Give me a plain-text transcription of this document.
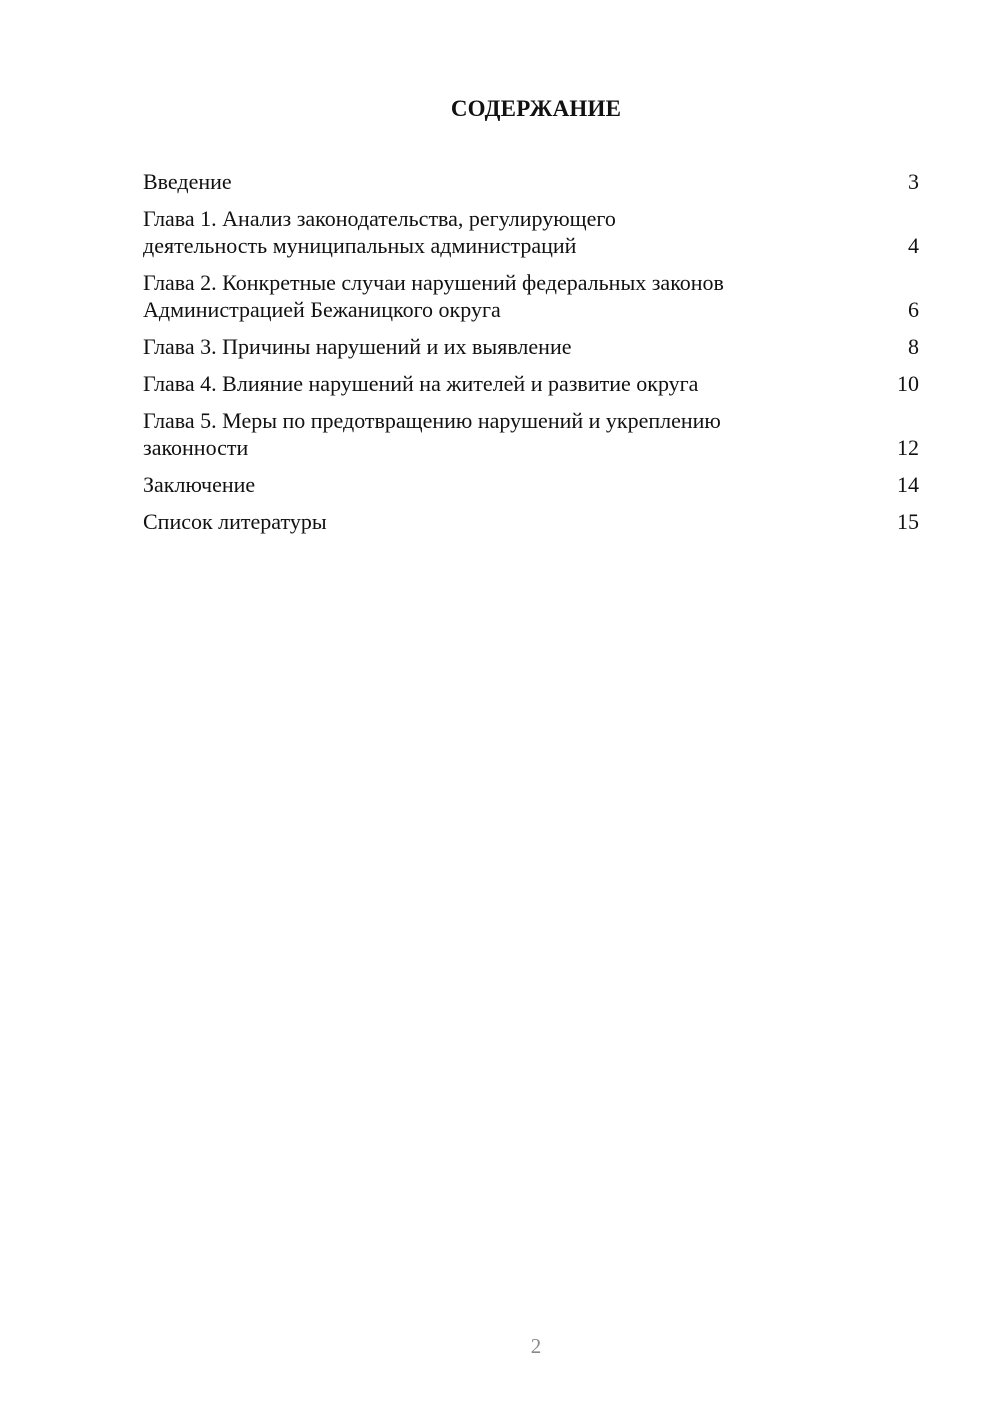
СОДЕРЖАНИЕ
Введение	3
Глава 1. Анализ законодательства, регулирующего
деятельность муниципальных администраций	4
Глава 2. Конкретные случаи нарушений федеральных законов
Администрацией Бежаницкого округа	6
Глава 3. Причины нарушений и их выявление	8
Глава 4. Влияние нарушений на жителей и развитие округа	10
Глава 5. Меры по предотвращению нарушений и укреплению
законности	12
Заключение	14
Список литературы	15
2
